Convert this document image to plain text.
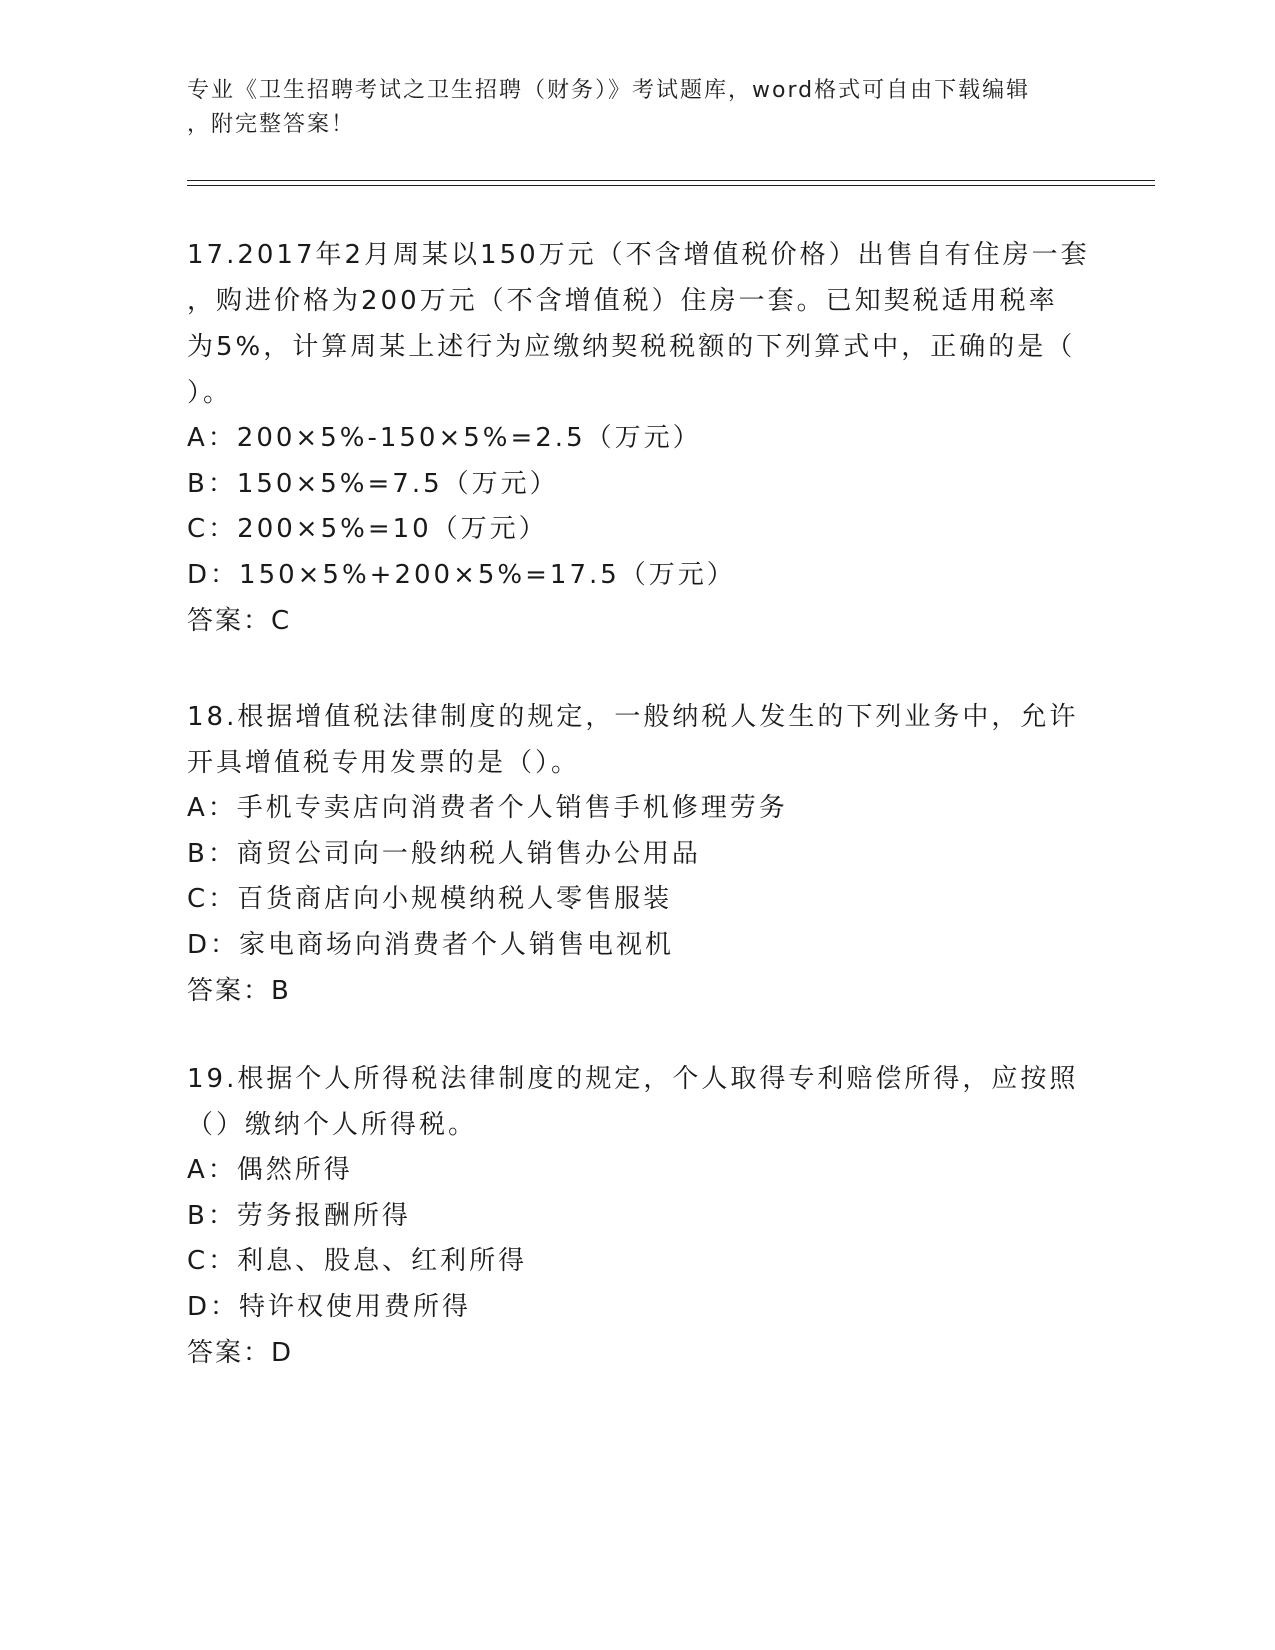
专业《卫生招聘考试之卫生招聘（财务）》考试题库，word格式可自由下载编辑
，附完整答案！
17.2017年2月周某以150万元（不含增值税价格）出售自有住房一套
，购进价格为200万元（不含增值税）住房一套。已知契税适用税率
为5%，计算周某上述行为应缴纳契税税额的下列算式中，正确的是（
）。
A：200×5%-150×5%=2.5（万元）
B：150×5%=7.5（万元）
C：200×5%=10（万元）
D：150×5%+200×5%=17.5（万元）
答案：C
18.根据增值税法律制度的规定，一般纳税人发生的下列业务中，允许
开具增值税专用发票的是（）。
A：手机专卖店向消费者个人销售手机修理劳务
B：商贸公司向一般纳税人销售办公用品
C：百货商店向小规模纳税人零售服装
D：家电商场向消费者个人销售电视机
答案：B
19.根据个人所得税法律制度的规定，个人取得专利赔偿所得，应按照
（）缴纳个人所得税。
A：偶然所得
B：劳务报酬所得
C：利息、股息、红利所得
D：特许权使用费所得
答案：D
